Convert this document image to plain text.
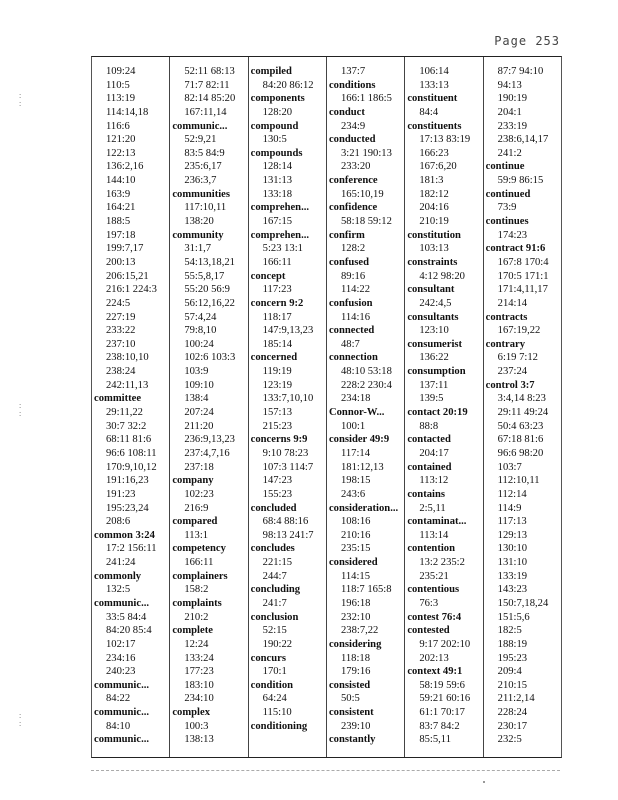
Page 253
:
:
:
:
:
:
109:24
110:5
113:19
114:14,18
116:6
121:20
122:13
136:2,16
144:10
163:9
164:21
188:5
197:18
199:7,17
200:13
206:15,21
216:1 224:3
224:5
227:19
233:22
237:10
238:10,10
238:24
242:11,13
committee
29:11,22
30:7 32:2
68:11 81:6
96:6 108:11
170:9,10,12
191:16,23
191:23
195:23,24
208:6
common 3:24
17:2 156:11
241:24
commonly
132:5
communic...
33:5 84:4
84:20 85:4
102:17
234:16
240:23
communic...
84:22
communic...
84:10
communic...
52:11 68:13
71:7 82:11
82:14 85:20
167:11,14
communic...
52:9,21
83:5 84:9
235:6,17
236:3,7
communities
117:10,11
138:20
community
31:1,7
54:13,18,21
55:5,8,17
55:20 56:9
56:12,16,22
57:4,24
79:8,10
100:24
102:6 103:3
103:9
109:10
138:4
207:24
211:20
236:9,13,23
237:4,7,16
237:18
company
102:23
216:9
compared
113:1
competency
166:11
complainers
158:2
complaints
210:2
complete
12:24
133:24
177:23
183:10
234:10
complex
100:3
138:13
compiled
84:20 86:12
components
128:20
compound
130:5
compounds
128:14
131:13
133:18
comprehen...
167:15
comprehen...
5:23 13:1
166:11
concept
117:23
concern 9:2
118:17
147:9,13,23
185:14
concerned
119:19
123:19
133:7,10,10
157:13
215:23
concerns 9:9
9:10 78:23
107:3 114:7
147:23
155:23
concluded
68:4 88:16
98:13 241:7
concludes
221:15
244:7
concluding
241:7
conclusion
52:15
190:22
concurs
170:1
condition
64:24
115:10
conditioning
137:7
conditions
166:1 186:5
conduct
234:9
conducted
3:21 190:13
233:20
conference
165:10,19
confidence
58:18 59:12
confirm
128:2
confused
89:16
114:22
confusion
114:16
connected
48:7
connection
48:10 53:18
228:2 230:4
234:18
Connor-W...
100:1
consider 49:9
117:14
181:12,13
198:15
243:6
consideration...
108:16
210:16
235:15
considered
114:15
118:7 165:8
196:18
232:10
238:7,22
considering
118:18
179:16
consisted
50:5
consistent
239:10
constantly
106:14
133:13
constituent
84:4
constituents
17:13 83:19
166:23
167:6,20
181:3
182:12
204:16
210:19
constitution
103:13
constraints
4:12 98:20
consultant
242:4,5
consultants
123:10
consumerist
136:22
consumption
137:11
139:5
contact 20:19
88:8
contacted
204:17
contained
113:12
contains
2:5,11
contaminat...
113:14
contention
13:2 235:2
235:21
contentious
76:3
contest 76:4
contested
9:17 202:10
202:13
context 49:1
58:19 59:6
59:21 60:16
61:1 70:17
83:7 84:2
85:5,11
87:7 94:10
94:13
190:19
204:1
233:19
238:6,14,17
241:2
continue
59:9 86:15
continued
73:9
continues
174:23
contract 91:6
167:8 170:4
170:5 171:1
171:4,11,17
214:14
contracts
167:19,22
contrary
6:19 7:12
237:24
control 3:7
3:4,14 8:23
29:11 49:24
50:4 63:23
67:18 81:6
96:6 98:20
103:7
112:10,11
112:14
114:9
117:13
129:13
130:10
131:10
133:19
143:23
150:7,18,24
151:5,6
182:5
188:19
195:23
209:4
210:15
211:2,14
228:24
230:17
232:5
